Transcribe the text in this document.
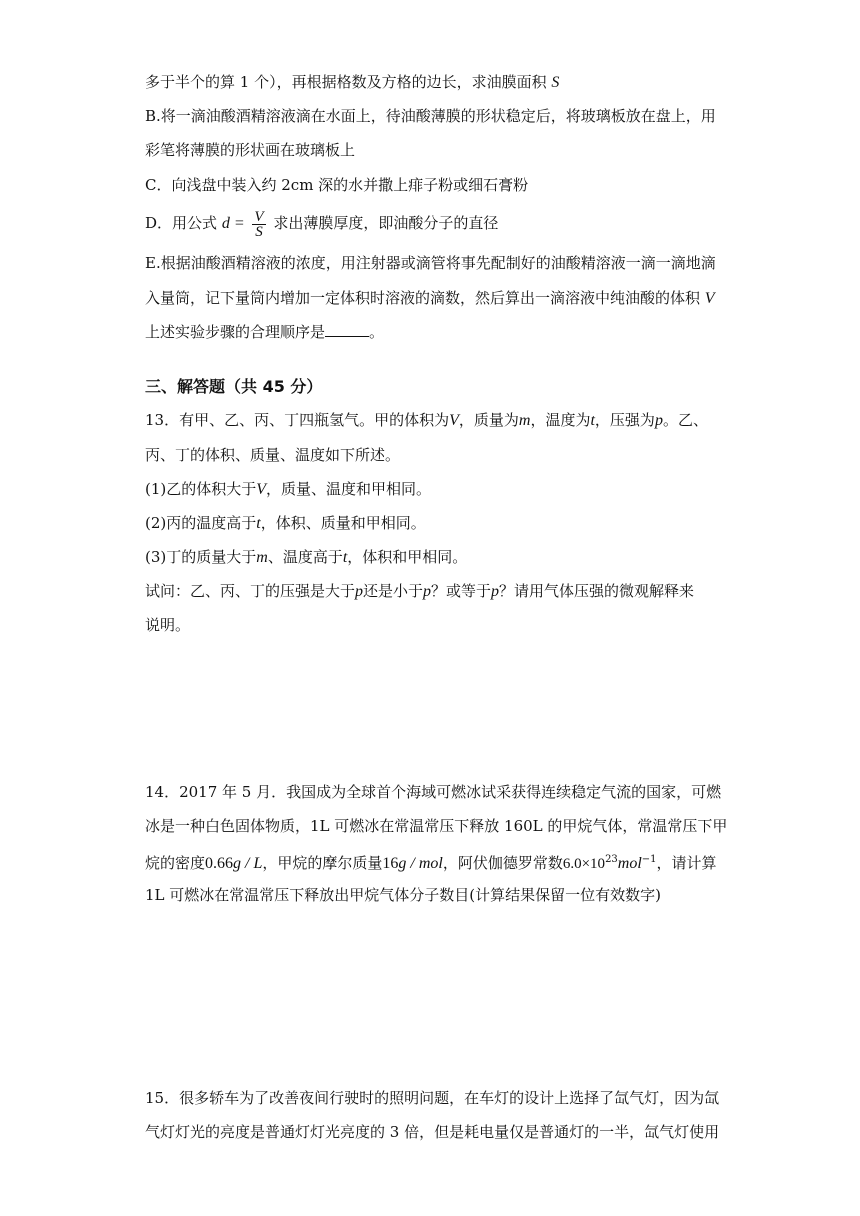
多于半个的算 1 个），再根据格数及方格的边长，求油膜面积 S
B.将一滴油酸酒精溶液滴在水面上，待油酸薄膜的形状稳定后，将玻璃板放在盘上，用
彩笔将薄膜的形状画在玻璃板上
C．向浅盘中装入约 2cm 深的水并撒上痱子粉或细石膏粉
D．用公式 $d = \frac{V}{S}$ 求出薄膜厚度，即油酸分子的直径
E.根据油酸酒精溶液的浓度，用注射器或滴管将事先配制好的油酸精溶液一滴一滴地滴
入量筒，记下量筒内增加一定体积时溶液的滴数，然后算出一滴溶液中纯油酸的体积 V
上述实验步骤的合理顺序是	。
三、解答题（共 45 分）
13．有甲、乙、丙、丁四瓶氢气。甲的体积为V，质量为m，温度为t，压强为p。乙、
丙、丁的体积、质量、温度如下所述。
(1)乙的体积大于V，质量、温度和甲相同。
(2)丙的温度高于t，体积、质量和甲相同。
(3)丁的质量大于m、温度高于t，体积和甲相同。
试问：乙、丙、丁的压强是大于p还是小于p？或等于p？请用气体压强的微观解释来
说明。
14．2017 年 5 月．我国成为全球首个海域可燃冰试采获得连续稳定气流的国家，可燃
冰是一种白色固体物质，1L 可燃冰在常温常压下释放 160L 的甲烷气体，常温常压下甲
烷的密度0.66g / L，甲烷的摩尔质量16g / mol，阿伏伽德罗常数$6.0\times 10^{23}mol^{-1}$，请计算
1L 可燃冰在常温常压下释放出甲烷气体分子数目(计算结果保留一位有效数字)
15．很多轿车为了改善夜间行驶时的照明问题，在车灯的设计上选择了氙气灯，因为氙
气灯灯光的亮度是普通灯灯光亮度的 3 倍，但是耗电量仅是普通灯的一半，氙气灯使用
